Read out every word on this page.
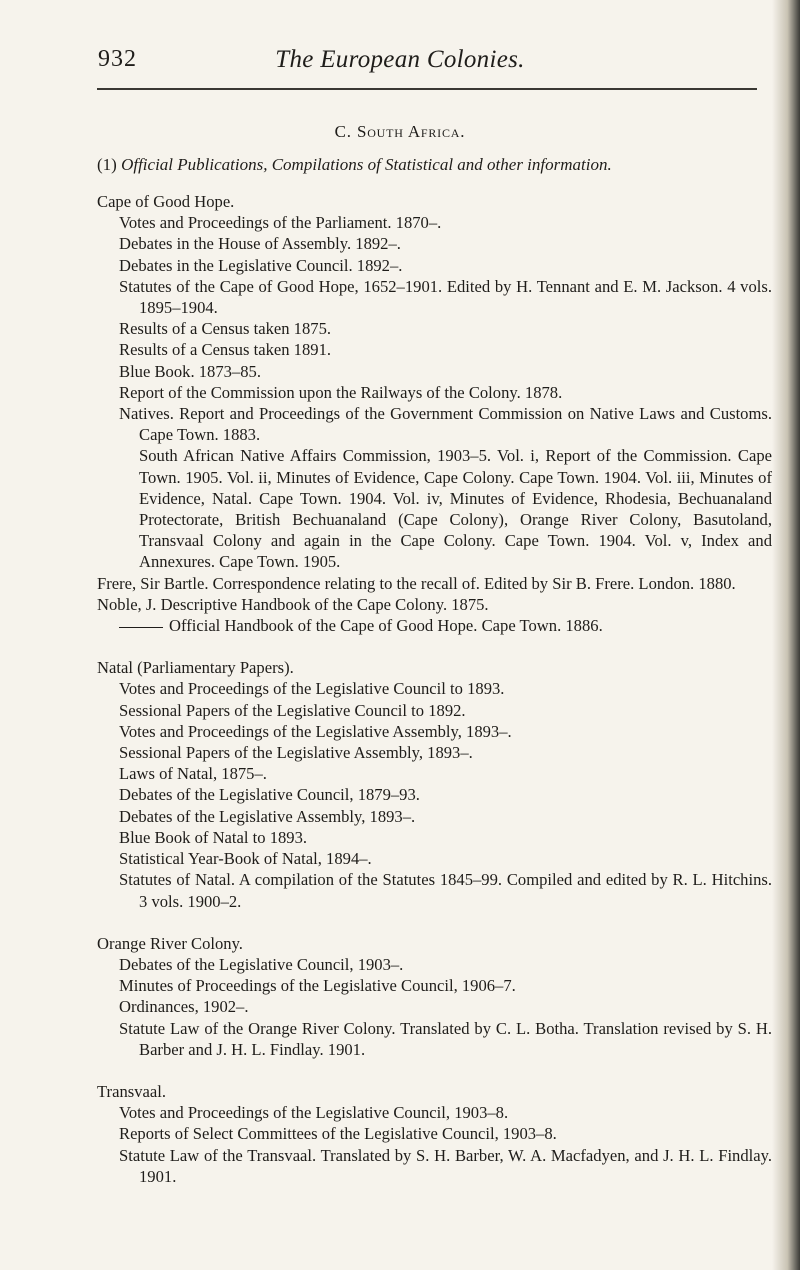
932	The European Colonies.
C. South Africa.
(1) Official Publications, Compilations of Statistical and other information.

Cape of Good Hope.

Votes and Proceedings of the Parliament. 1870–.

Debates in the House of Assembly. 1892–.

Debates in the Legislative Council. 1892–.

Statutes of the Cape of Good Hope, 1652–1901. Edited by H. Tennant and E. M. Jackson. 4 vols. 1895–1904.

Results of a Census taken 1875.

Results of a Census taken 1891.

Blue Book. 1873–85.

Report of the Commission upon the Railways of the Colony. 1878.

Natives. Report and Proceedings of the Government Commission on Native Laws and Customs. Cape Town. 1883.

South African Native Affairs Commission, 1903–5. Vol. i, Report of the Commission. Cape Town. 1905. Vol. ii, Minutes of Evidence, Cape Colony. Cape Town. 1904. Vol. iii, Minutes of Evidence, Natal. Cape Town. 1904. Vol. iv, Minutes of Evidence, Rhodesia, Bechuanaland Protectorate, British Bechuanaland (Cape Colony), Orange River Colony, Basutoland, Transvaal Colony and again in the Cape Colony. Cape Town. 1904. Vol. v, Index and Annexures. Cape Town. 1905.

Frere, Sir Bartle. Correspondence relating to the recall of. Edited by Sir B. Frere. London. 1880.

Noble, J. Descriptive Handbook of the Cape Colony. 1875.

Official Handbook of the Cape of Good Hope. Cape Town. 1886.

Natal (Parliamentary Papers).

Votes and Proceedings of the Legislative Council to 1893.

Sessional Papers of the Legislative Council to 1892.

Votes and Proceedings of the Legislative Assembly, 1893–.

Sessional Papers of the Legislative Assembly, 1893–.

Laws of Natal, 1875–.

Debates of the Legislative Council, 1879–93.

Debates of the Legislative Assembly, 1893–.

Blue Book of Natal to 1893.

Statistical Year-Book of Natal, 1894–.

Statutes of Natal. A compilation of the Statutes 1845–99. Compiled and edited by R. L. Hitchins. 3 vols. 1900–2.

Orange River Colony.

Debates of the Legislative Council, 1903–.

Minutes of Proceedings of the Legislative Council, 1906–7.

Ordinances, 1902–.

Statute Law of the Orange River Colony. Translated by C. L. Botha. Translation revised by S. H. Barber and J. H. L. Findlay. 1901.

Transvaal.

Votes and Proceedings of the Legislative Council, 1903–8.

Reports of Select Committees of the Legislative Council, 1903–8.

Statute Law of the Transvaal. Translated by S. H. Barber, W. A. Macfadyen, and J. H. L. Findlay. 1901.
